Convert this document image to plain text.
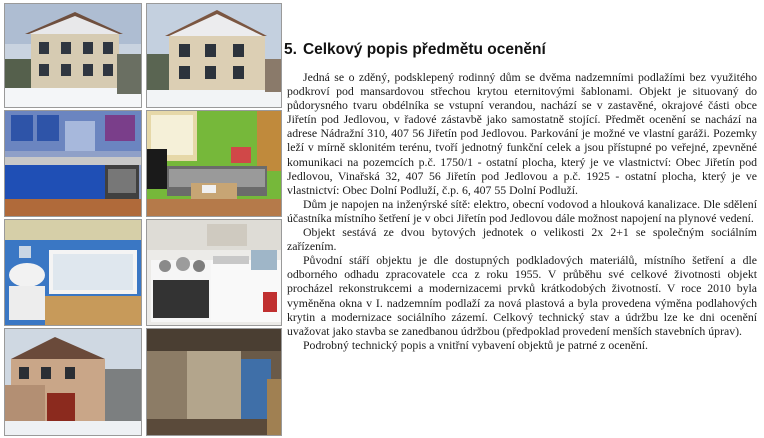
5. Celkový popis předmětu ocenění

Jedná se o zděný, podsklepený rodinný dům se dvěma nadzemními podlažími bez využitého podkroví pod mansardovou střechou krytou eternitovými šablonami. Objekt je situovaný do půdorysného tvaru obdélníka se vstupní verandou, nachází se v zastavěné, okrajové části obce Jiřetín pod Jedlovou, v řadové zástavbě jako samostatně stojící. Předmět ocenění se nachází na adrese Nádražní 310, 407 56 Jiřetín pod Jedlovou. Parkování je možné ve vlastní garáži. Pozemky leží v mírně sklonitém terénu, tvoří jednotný funkční celek a jsou přístupné po veřejné, zpevněné komunikaci na pozemcích p.č. 1750/1 - ostatní plocha, který je ve vlastnictví: Obec Jiřetín pod Jedlovou, Vinařská 32, 407 56 Jiřetín pod Jedlovou a p.č. 1925 - ostatní plocha, který je ve vlastnictví: Obec Dolní Podluží, č.p. 6, 407 55 Dolní Podluží.

Dům je napojen na inženýrské sítě: elektro, obecní vodovod a hlouková kanalizace. Dle sdělení účastníka místního šetření je v obci Jiřetín pod Jedlovou dále možnost napojení na plynové vedení.

Objekt sestává ze dvou bytových jednotek o velikosti 2x 2+1 se společným sociálním zařízením.

Původní stáří objektu je dle dostupných podkladových materiálů, místního šetření a dle odborného odhadu zpracovatele cca z roku 1955. V průběhu své celkové životnosti objekt procházel rekonstrukcemi a modernizacemi prvků krátkodobých životností. V roce 2010 byla vyměněna okna v I. nadzemním podlaží za nová plastová a byla provedena výměna podlahových krytin a modernizace sociálního zázemí. Celkový technický stav a údržbu lze ke dni ocenění uvažovat jako stavba se zanedbanou údržbou (předpoklad provedení menších stavebních úprav).

Podrobný technický popis a vnitřní vybavení objektů je patrné z ocenění.
